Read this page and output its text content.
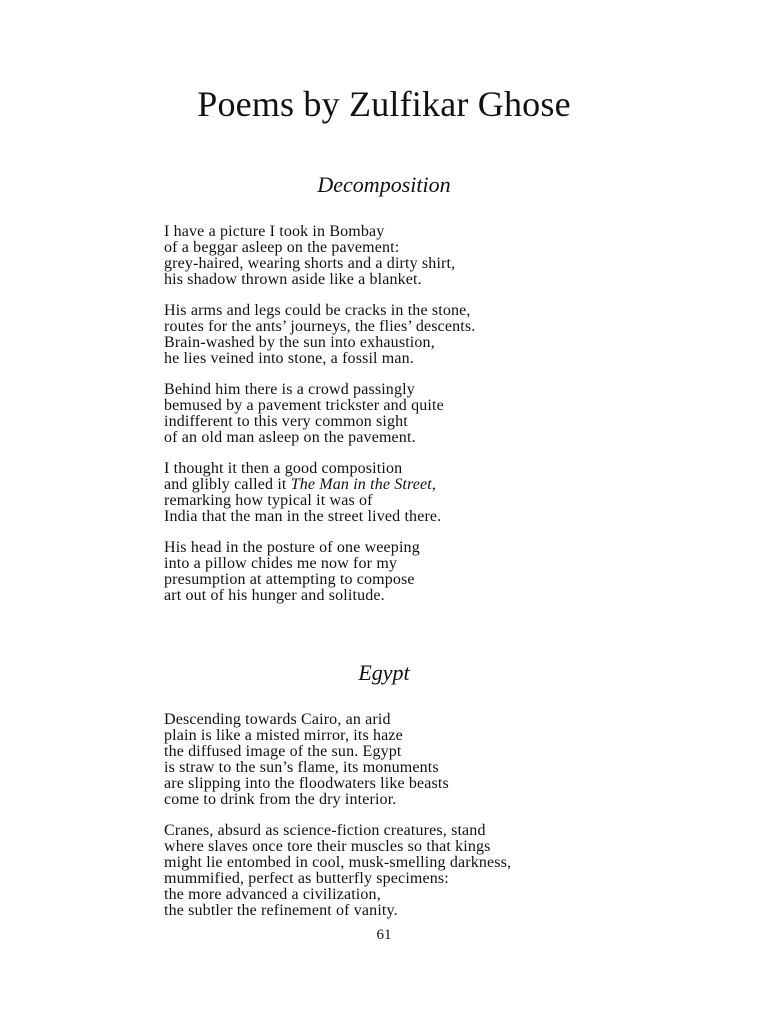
Poems by Zulfikar Ghose
Decomposition
I have a picture I took in Bombay
of a beggar asleep on the pavement:
grey-haired, wearing shorts and a dirty shirt,
his shadow thrown aside like a blanket.
His arms and legs could be cracks in the stone,
routes for the ants’ journeys, the flies’ descents.
Brain-washed by the sun into exhaustion,
he lies veined into stone, a fossil man.
Behind him there is a crowd passingly
bemused by a pavement trickster and quite
indifferent to this very common sight
of an old man asleep on the pavement.
I thought it then a good composition
and glibly called it The Man in the Street,
remarking how typical it was of
India that the man in the street lived there.
His head in the posture of one weeping
into a pillow chides me now for my
presumption at attempting to compose
art out of his hunger and solitude.
Egypt
Descending towards Cairo, an arid
plain is like a misted mirror, its haze
the diffused image of the sun. Egypt
is straw to the sun’s flame, its monuments
are slipping into the floodwaters like beasts
come to drink from the dry interior.
Cranes, absurd as science-fiction creatures, stand
where slaves once tore their muscles so that kings
might lie entombed in cool, musk-smelling darkness,
mummified, perfect as butterfly specimens:
the more advanced a civilization,
the subtler the refinement of vanity.
61
